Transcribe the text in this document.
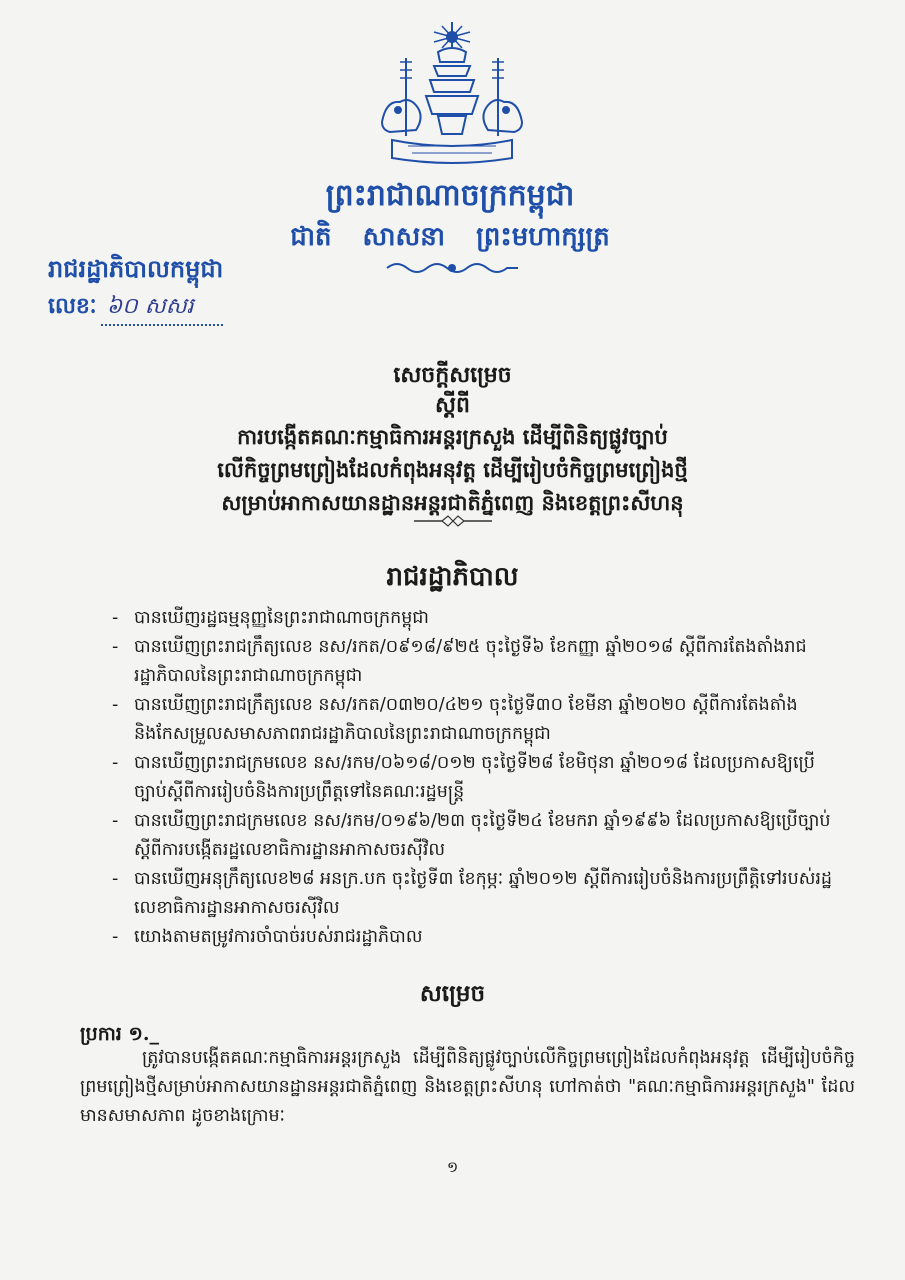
ព្រះរាជាណាចក្រកម្ពុជា
ជាតិ សាសនា ព្រះមហាក្សត្រ
រាជរដ្ឋាភិបាលកម្ពុជា
លេខៈ ៦០ សសរ
សេចក្តីសម្រេច
ស្តីពី
ការបង្កើតគណៈកម្មាធិការអន្តរក្រសួង ដើម្បីពិនិត្យផ្លូវច្បាប់
លើកិច្ចព្រមព្រៀងដែលកំពុងអនុវត្ត ដើម្បីរៀបចំកិច្ចព្រមព្រៀងថ្មី
សម្រាប់អាកាសយានដ្ឋានអន្តរជាតិភ្នំពេញ និងខេត្តព្រះសីហនុ
រាជរដ្ឋាភិបាល
- បានឃើញរដ្ឋធម្មនុញ្ញនៃព្រះរាជាណាចក្រកម្ពុជា
- បានឃើញព្រះរាជក្រឹត្យលេខ នស/រកត/០៩១៨/៩២៥ ចុះថ្ងៃទី៦ ខែកញ្ញា ឆ្នាំ២០១៨ ស្តីពីការតែងតាំងរាជរដ្ឋាភិបាលនៃព្រះរាជាណាចក្រកម្ពុជា
- បានឃើញព្រះរាជក្រឹត្យលេខ នស/រកត/០៣២០/៤២១ ចុះថ្ងៃទី៣០ ខែមីនា ឆ្នាំ២០២០ ស្តីពីការតែងតាំងនិងកែសម្រួលសមាសភាពរាជរដ្ឋាភិបាលនៃព្រះរាជាណាចក្រកម្ពុជា
- បានឃើញព្រះរាជក្រមលេខ នស/រកម/០៦១៨/០១២ ចុះថ្ងៃទី២៨ ខែមិថុនា ឆ្នាំ២០១៨ ដែលប្រកាសឱ្យប្រើច្បាប់ស្តីពីការរៀបចំនិងការប្រព្រឹត្តទៅនៃគណៈរដ្ឋមន្ត្រី
- បានឃើញព្រះរាជក្រមលេខ នស/រកម/០១៩៦/២៣ ចុះថ្ងៃទី២៤ ខែមករា ឆ្នាំ១៩៩៦ ដែលប្រកាសឱ្យប្រើច្បាប់ស្តីពីការបង្កើតរដ្ឋលេខាធិការដ្ឋានអាកាសចរស៊ីវិល
- បានឃើញអនុក្រឹត្យលេខ២៨ អនក្រ.បក ចុះថ្ងៃទី៣ ខែកុម្ភៈ ឆ្នាំ២០១២ ស្តីពីការរៀបចំនិងការប្រព្រឹត្តិទៅរបស់រដ្ឋលេខាធិការដ្ឋានអាកាសចរស៊ីវិល
- យោងតាមតម្រូវការចាំបាច់របស់រាជរដ្ឋាភិបាល
សម្រេច
ប្រការ ១._
ត្រូវបានបង្កើតគណៈកម្មាធិការអន្តរក្រសួង ដើម្បីពិនិត្យផ្លូវច្បាប់លើកិច្ចព្រមព្រៀងដែលកំពុងអនុវត្ត ដើម្បីរៀបចំកិច្ចព្រមព្រៀងថ្មីសម្រាប់អាកាសយានដ្ឋានអន្តរជាតិភ្នំពេញ និងខេត្តព្រះសីហនុ ហៅកាត់ថា "គណៈកម្មាធិការអន្តរក្រសួង" ដែលមានសមាសភាព ដូចខាងក្រោមៈ
១
